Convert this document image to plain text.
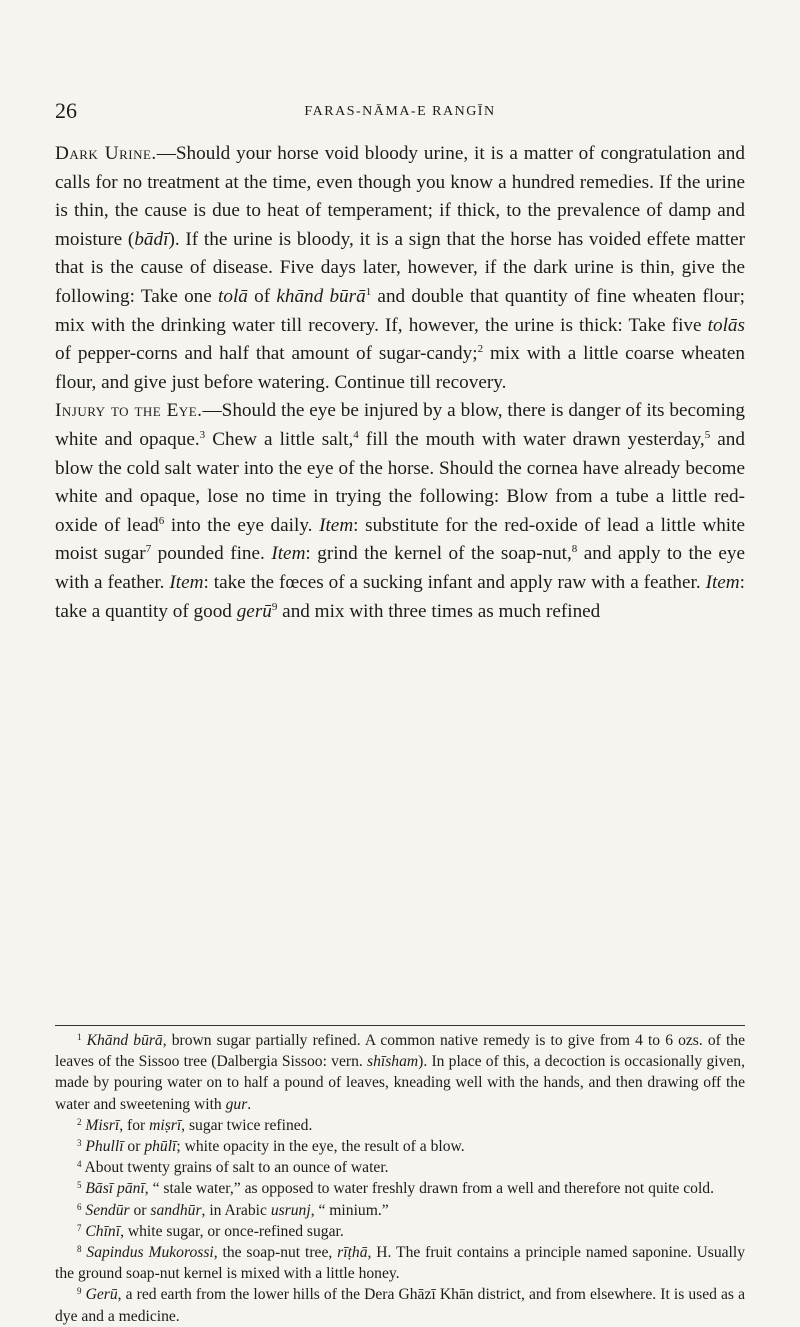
26	FARAS-NĀMA-E RANGĪN

Dark Urine.—Should your horse void bloody urine, it is a matter of congratulation and calls for no treatment at the time, even though you know a hundred remedies. If the urine is thin, the cause is due to heat of temperament; if thick, to the prevalence of damp and moisture (bādī). If the urine is bloody, it is a sign that the horse has voided effete matter that is the cause of disease. Five days later, however, if the dark urine is thin, give the following: Take one tolā of khānd būrā$^1$ and double that quantity of fine wheaten flour; mix with the drinking water till recovery. If, however, the urine is thick: Take five tolās of pepper-corns and half that amount of sugar-candy;$^2$ mix with a little coarse wheaten flour, and give just before watering. Continue till recovery.

Injury to the Eye.—Should the eye be injured by a blow, there is danger of its becoming white and opaque.$^3$ Chew a little salt,$^4$ fill the mouth with water drawn yesterday,$^5$ and blow the cold salt water into the eye of the horse. Should the cornea have already become white and opaque, lose no time in trying the following: Blow from a tube a little red-oxide of lead$^6$ into the eye daily. Item: substitute for the red-oxide of lead a little white moist sugar$^7$ pounded fine. Item: grind the kernel of the soap-nut,$^8$ and apply to the eye with a feather. Item: take the fœces of a sucking infant and apply raw with a feather. Item: take a quantity of good gerū$^9$ and mix with three times as much refined

$^1$ Khānd būrā, brown sugar partially refined. A common native remedy is to give from 4 to 6 ozs. of the leaves of the Sissoo tree (Dalbergia Sissoo: vern. shīsham). In place of this, a decoction is occasionally given, made by pouring water on to half a pound of leaves, kneading well with the hands, and then drawing off the water and sweetening with gur.

$^2$ Misrī, for miṣrī, sugar twice refined.

$^3$ Phullī or phūlī; white opacity in the eye, the result of a blow.

$^4$ About twenty grains of salt to an ounce of water.

$^5$ Bāsī pānī, “ stale water,” as opposed to water freshly drawn from a well and therefore not quite cold.

$^6$ Sendūr or sandhūr, in Arabic usrunj, “ minium.”

$^7$ Chīnī, white sugar, or once-refined sugar.

$^8$ Sapindus Mukorossi, the soap-nut tree, rīṭhā, H. The fruit contains a principle named saponine. Usually the ground soap-nut kernel is mixed with a little honey.

$^9$ Gerū, a red earth from the lower hills of the Dera Ghāzī Khān district, and from elsewhere. It is used as a dye and a medicine.
